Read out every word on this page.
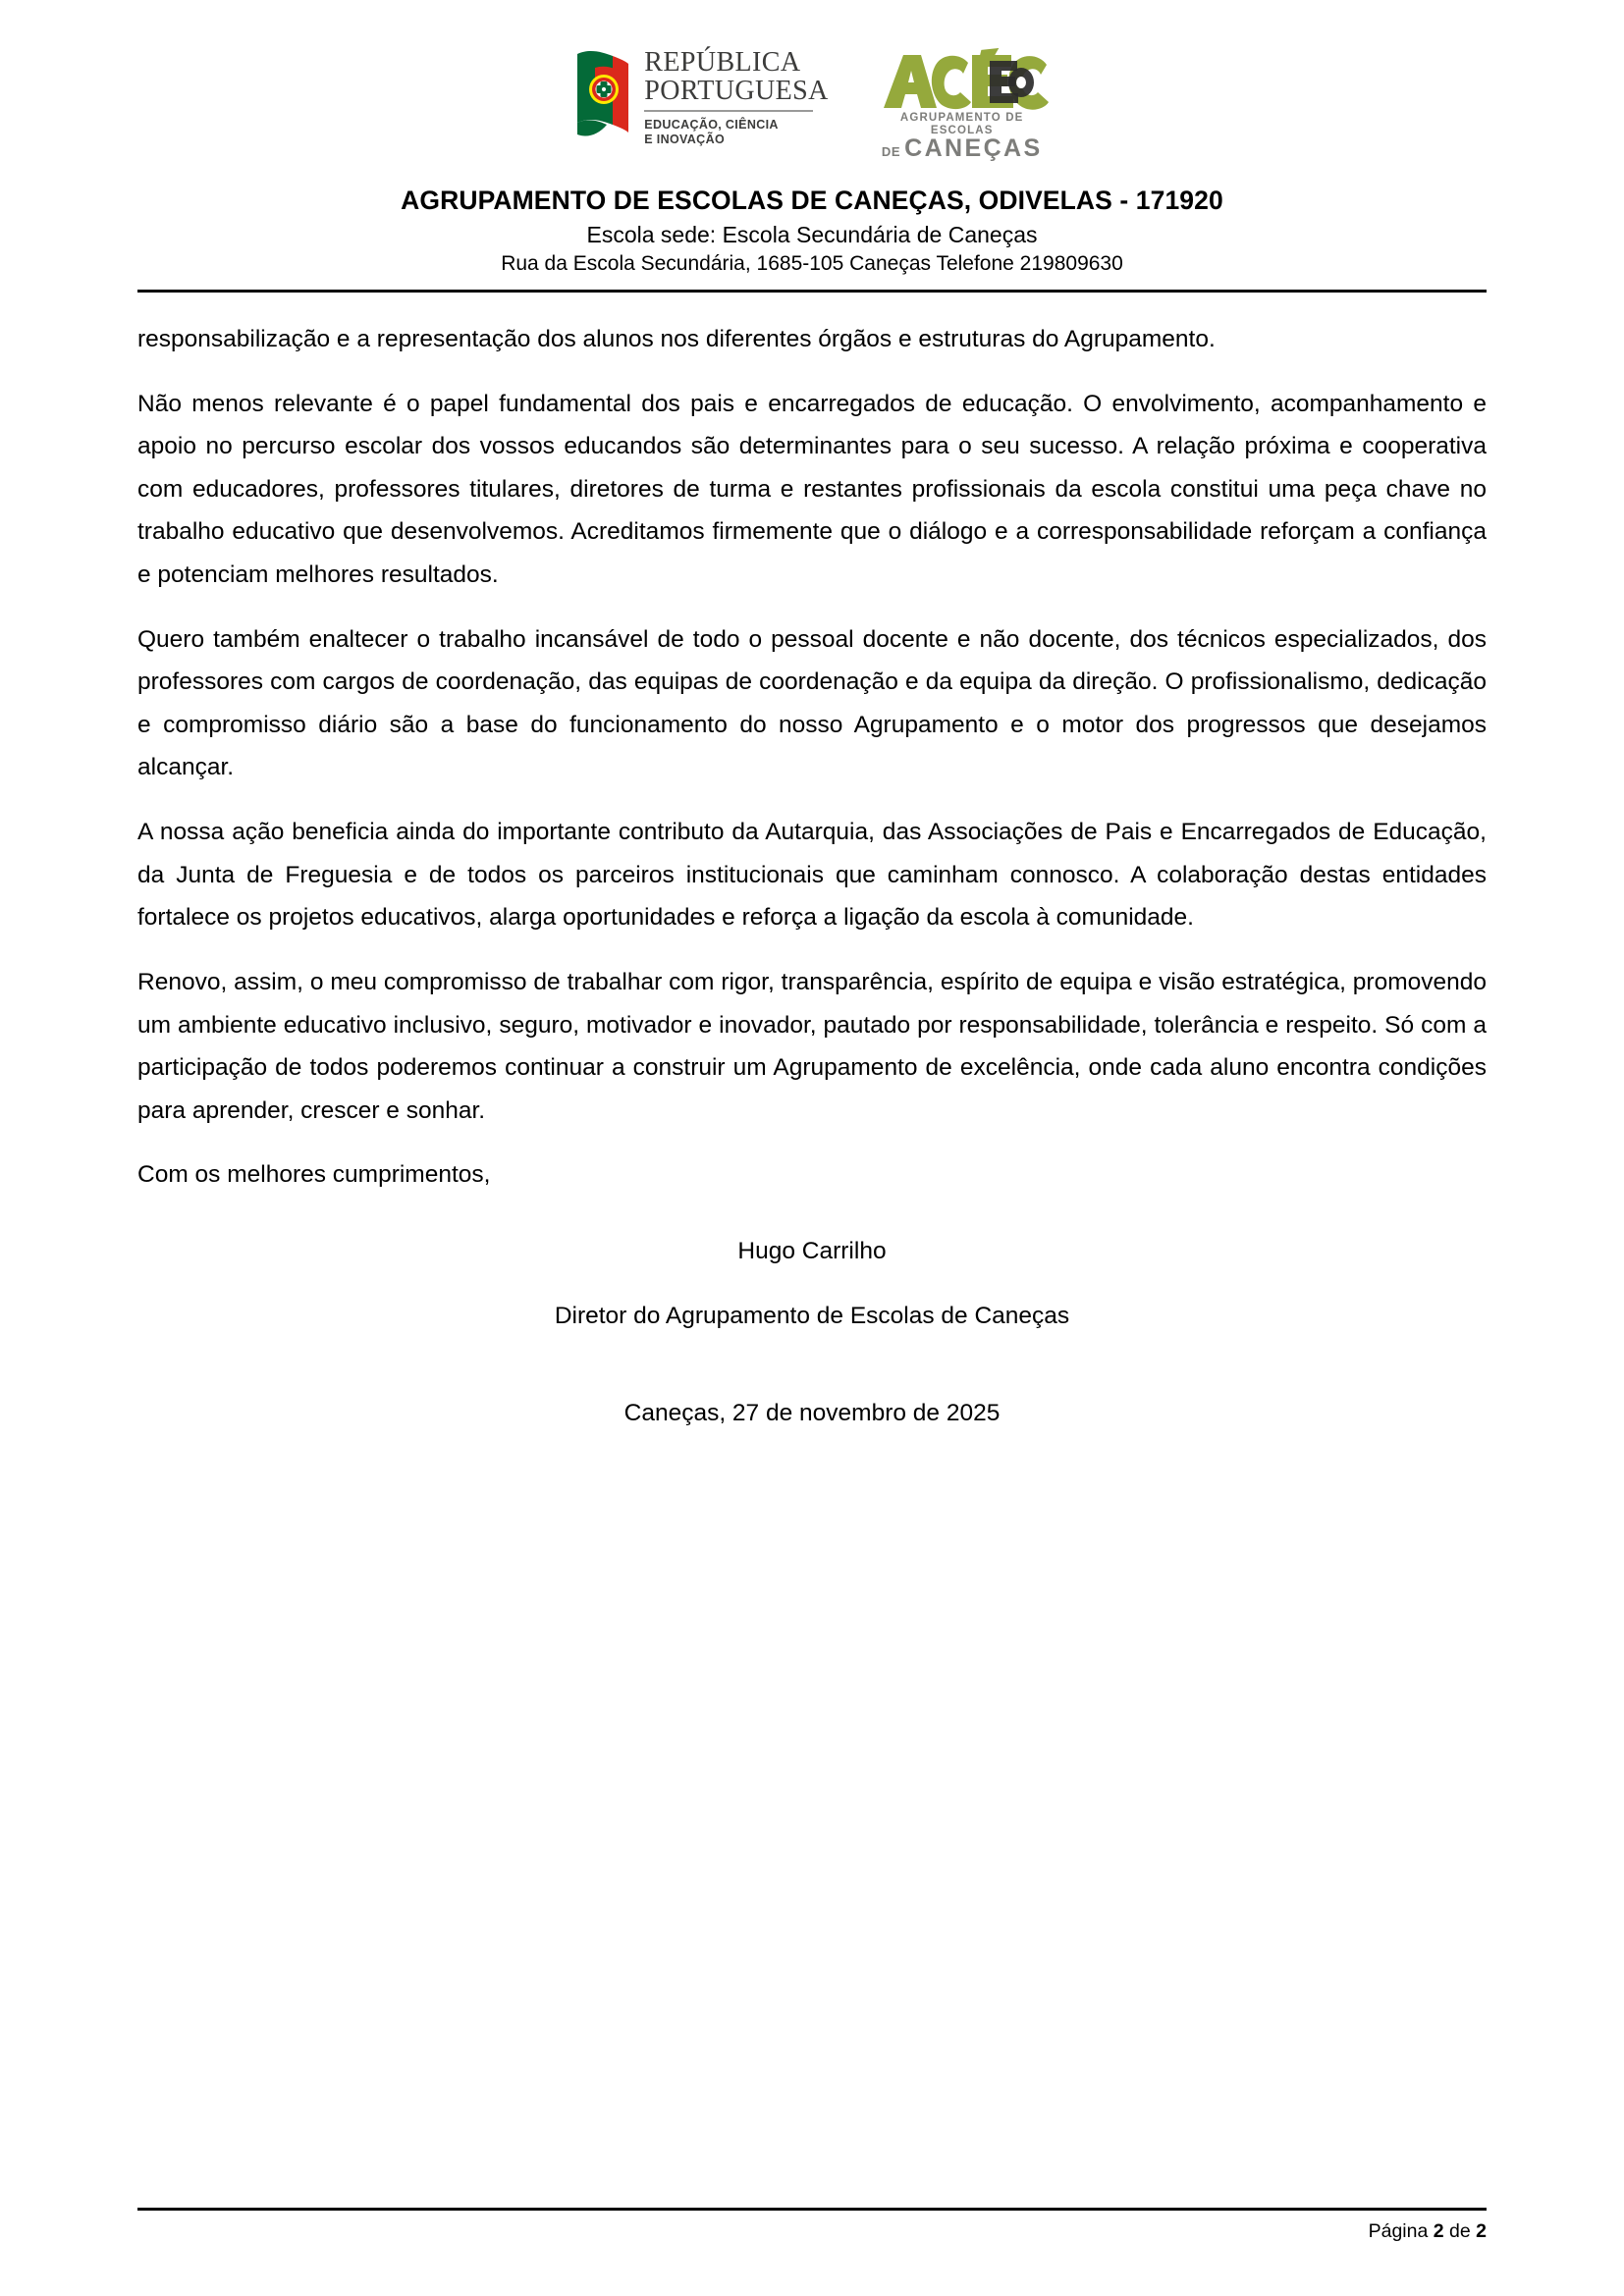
REPÚBLICA
PORTUGUESA
EDUCAÇÃO, CIÊNCIA
E INOVAÇÃO
AGRUPAMENTO DE ESCOLAS
DE CANEÇAS
AGRUPAMENTO DE ESCOLAS DE CANEÇAS, ODIVELAS - 171920
Escola sede: Escola Secundária de Caneças
Rua da Escola Secundária, 1685-105 Caneças Telefone 219809630

responsabilização e a representação dos alunos nos diferentes órgãos e estruturas do Agrupamento.

Não menos relevante é o papel fundamental dos pais e encarregados de educação. O envolvimento, acompanhamento e apoio no percurso escolar dos vossos educandos são determinantes para o seu sucesso. A relação próxima e cooperativa com educadores, professores titulares, diretores de turma e restantes profissionais da escola constitui uma peça chave no trabalho educativo que desenvolvemos. Acreditamos firmemente que o diálogo e a corresponsabilidade reforçam a confiança e potenciam melhores resultados.

Quero também enaltecer o trabalho incansável de todo o pessoal docente e não docente, dos técnicos especializados, dos professores com cargos de coordenação, das equipas de coordenação e da equipa da direção. O profissionalismo, dedicação e compromisso diário são a base do funcionamento do nosso Agrupamento e o motor dos progressos que desejamos alcançar.

A nossa ação beneficia ainda do importante contributo da Autarquia, das Associações de Pais e Encarregados de Educação, da Junta de Freguesia e de todos os parceiros institucionais que caminham connosco. A colaboração destas entidades fortalece os projetos educativos, alarga oportunidades e reforça a ligação da escola à comunidade.

Renovo, assim, o meu compromisso de trabalhar com rigor, transparência, espírito de equipa e visão estratégica, promovendo um ambiente educativo inclusivo, seguro, motivador e inovador, pautado por responsabilidade, tolerância e respeito. Só com a participação de todos poderemos continuar a construir um Agrupamento de excelência, onde cada aluno encontra condições para aprender, crescer e sonhar.

Com os melhores cumprimentos,

Hugo Carrilho
Diretor do Agrupamento de Escolas de Caneças
Caneças, 27 de novembro de 2025
Página 2 de 2
